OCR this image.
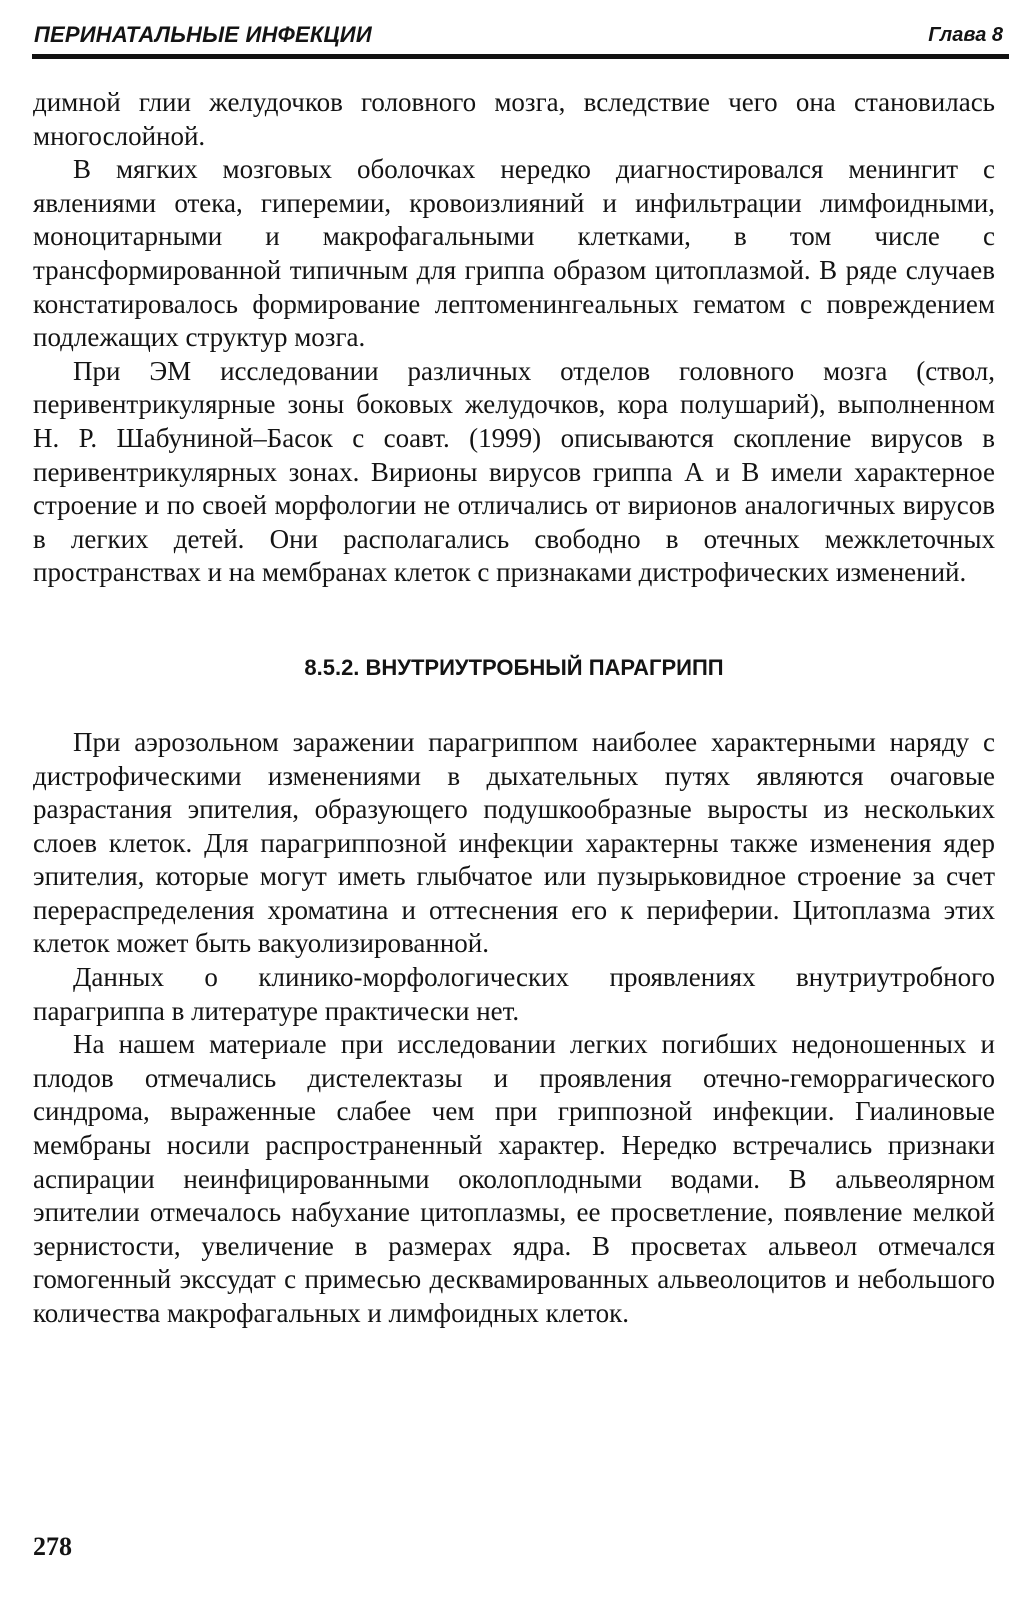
ПЕРИНАТАЛЬНЫЕ ИНФЕКЦИИ	Глава 8

димной глии желудочков головного мозга, вследствие чего она становилась многослойной.

В мягких мозговых оболочках нередко диагностировался менингит с явлениями отека, гиперемии, кровоизлияний и инфильтрации лимфоидными, моноцитарными и макрофагальными клетками, в том числе с трансформированной типичным для гриппа образом цитоплазмой. В ряде случаев констатировалось формирование лептоменингеальных гематом с повреждением подлежащих структур мозга.

При ЭМ исследовании различных отделов головного мозга (ствол, перивентрикулярные зоны боковых желудочков, кора полушарий), выполненном Н. Р. Шабуниной–Басок с соавт. (1999) описываются скопление вирусов в перивентрикулярных зонах. Вирионы вирусов гриппа А и В имели характерное строение и по своей морфологии не отличались от вирионов аналогичных вирусов в легких детей. Они располагались свободно в отечных межклеточных пространствах и на мембранах клеток с признаками дистрофических изменений.

8.5.2. ВНУТРИУТРОБНЫЙ ПАРАГРИПП

При аэрозольном заражении парагриппом наиболее характерными наряду с дистрофическими изменениями в дыхательных путях являются очаговые разрастания эпителия, образующего подушкообразные выросты из нескольких слоев клеток. Для парагриппозной инфекции характерны также изменения ядер эпителия, которые могут иметь глыбчатое или пузырьковидное строение за счет перераспределения хроматина и оттеснения его к периферии. Цитоплазма этих клеток может быть вакуолизированной.

Данных о клинико-морфологических проявлениях внутриутробного парагриппа в литературе практически нет.

На нашем материале при исследовании легких погибших недоношенных и плодов отмечались дистелектазы и проявления отечно-геморрагического синдрома, выраженные слабее чем при гриппозной инфекции. Гиалиновые мембраны носили распространенный характер. Нередко встречались признаки аспирации неинфицированными околоплодными водами. В альвеолярном эпителии отмечалось набухание цитоплазмы, ее просветление, появление мелкой зернистости, увеличение в размерах ядра. В просветах альвеол отмечался гомогенный экссудат с примесью десквамированных альвеолоцитов и небольшого количества макрофагальных и лимфоидных клеток.

278
